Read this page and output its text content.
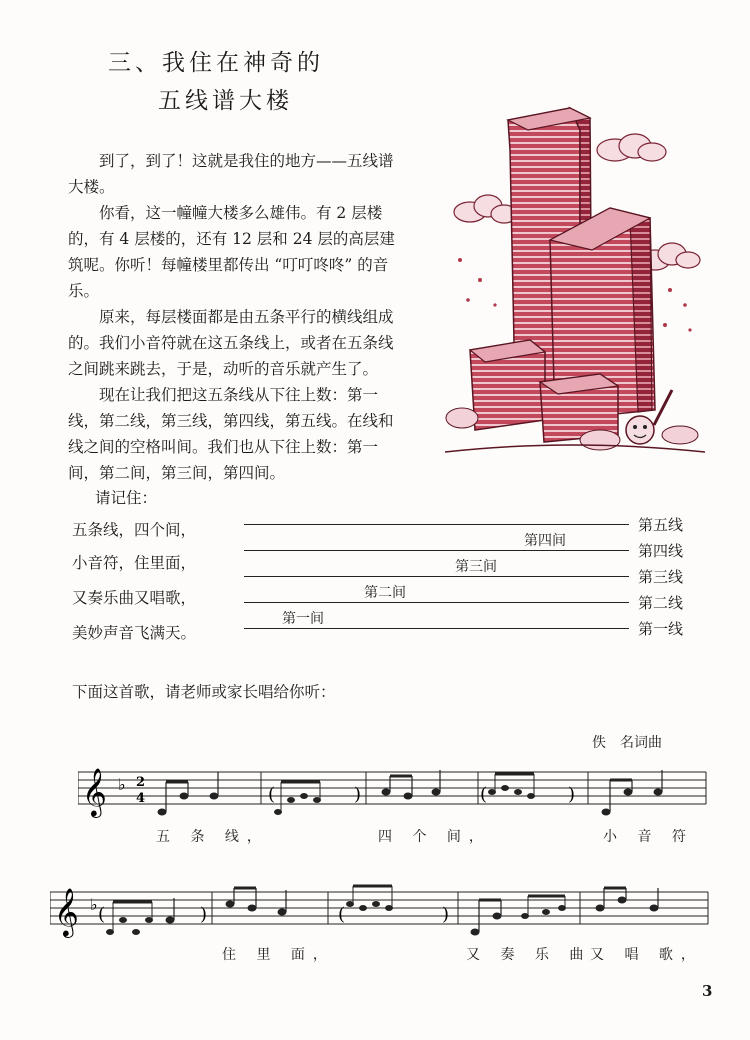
三、我住在神奇的
五线谱大楼

到了，到了！这就是我住的地方——五线谱大楼。

你看，这一幢幢大楼多么雄伟。有 2 层楼的，有 4 层楼的，还有 12 层和 24 层的高层建筑呢。你听！每幢楼里都传出 “叮叮咚咚” 的音乐。

原来，每层楼面都是由五条平行的横线组成的。我们小音符就在这五条线上，或者在五条线之间跳来跳去，于是，动听的音乐就产生了。

现在让我们把这五条线从下往上数：第一线，第二线，第三线，第四线，第五线。在线和线之间的空格叫间。我们也从下往上数：第一间，第二间，第三间，第四间。

请记住：
五条线，四个间，
小音符，住里面，
又奏乐曲又唱歌，
美妙声音飞满天。
第五线
第四线
第三线
第二线
第一线
第四间
第三间
第二间
第一间
下面这首歌，请老师或家长唱给你听：
佚　名词曲
𝄞 ♭ 2
4	(	)	(	)
五 条 线，	四 个 间，	小 音 符
𝄞 ♭ (	)	(	)
住 里 面，	又 奏 乐 曲
又 唱 歌，
3
